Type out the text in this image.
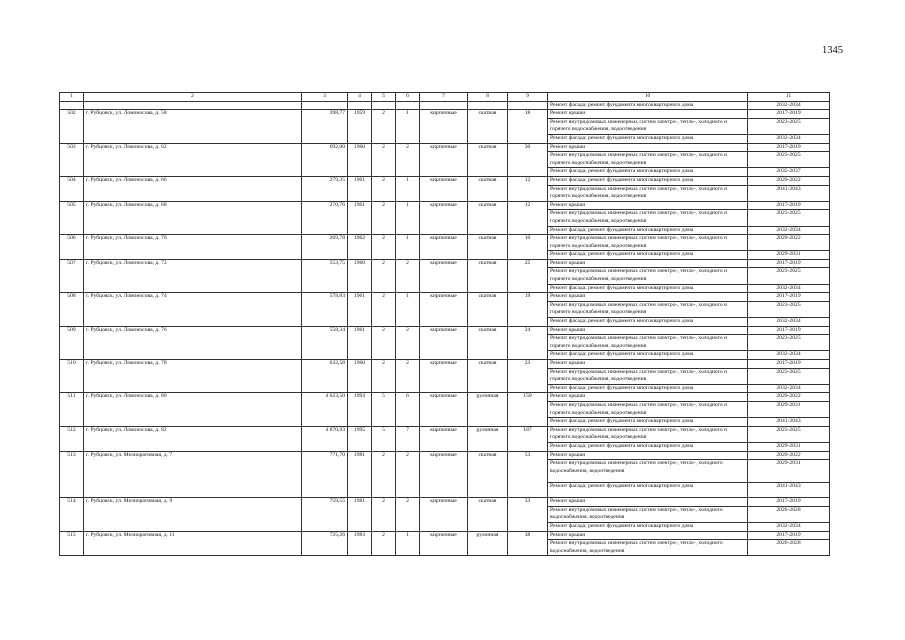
1345
1	2	3	4	5	6	7	8	9	10	11
									Ремонт фасада; ремонт фундамента многоквартирного дома	2032-2034
502	г. Рубцовск, ул. Ломоносова, д. 58	398,77	1959	2	1	кирпичные	скатная	18	Ремонт крыши	2017-2019
									Ремонт внутридомовых инженерных систем электро-, тепло-, холодного и горячего водоснабжения, водоотведения	2023-2025
									Ремонт фасада; ремонт фундамента многоквартирного дома	2032-2034
503	г. Рубцовск, ул. Ломоносова, д. 62	692,00	1960	2	2	кирпичные	скатная	30	Ремонт крыши	2017-2019
									Ремонт внутридомовых инженерных систем электро-, тепло-, холодного и горячего водоснабжения, водоотведения	2023-2025
									Ремонт фасада; ремонт фундамента многоквартирного дома	2035-2037
504	г. Рубцовск, ул. Ломоносова, д. 66	279,35	1961	2	1	кирпичные	скатная	12	Ремонт фасада; ремонт фундамента многоквартирного дома	2020-2022
									Ремонт внутридомовых инженерных систем электро-, тепло-, холодного и горячего водоснабжения, водоотведения	2041-2043
505	г. Рубцовск, ул. Ломоносова, д. 68	270,76	1961	2	1	кирпичные	скатная	12	Ремонт крыши	2017-2019
									Ремонт внутридомовых инженерных систем электро-, тепло-, холодного и горячего водоснабжения, водоотведения	2023-2025
									Ремонт фасада; ремонт фундамента многоквартирного дома	2032-2034
506	г. Рубцовск, ул. Ломоносова, д. 70	269,78	1962	2	1	кирпичные	скатная	10	Ремонт внутридомовых инженерных систем электро-, тепло-, холодного и горячего водоснабжения, водоотведения	2020-2022
									Ремонт фасада; ремонт фундамента многоквартирного дома	2029-2031
507	г. Рубцовск, ул. Ломоносова, д. 72	553,75	1960	2	2	кирпичные	скатная	25	Ремонт крыши	2017-2019
									Ремонт внутридомовых инженерных систем электро-, тепло-, холодного и горячего водоснабжения, водоотведения	2023-2025
									Ремонт фасада; ремонт фундамента многоквартирного дома	2032-2034
508	г. Рубцовск, ул. Ломоносова, д. 74	578,83	1961	2	1	кирпичные	скатная	19	Ремонт крыши	2017-2019
									Ремонт внутридомовых инженерных систем электро-, тепло-, холодного и горячего водоснабжения, водоотведения	2023-2025
									Ремонт фасада; ремонт фундамента многоквартирного дома	2032-2034
509	г. Рубцовск, ул. Ломоносова, д. 76	558,34	1961	2	2	кирпичные	скатная	24	Ремонт крыши	2017-2019
									Ремонт внутридомовых инженерных систем электро-, тепло-, холодного и горячего водоснабжения, водоотведения	2023-2025
									Ремонт фасада; ремонт фундамента многоквартирного дома	2032-2034
510	г. Рубцовск, ул. Ломоносова, д. 78	632,58	1960	2	2	кирпичные	скатная	23	Ремонт крыши	2017-2019
									Ремонт внутридомовых инженерных систем электро-, тепло-, холодного и горячего водоснабжения, водоотведения	2023-2025
									Ремонт фасада; ремонт фундамента многоквартирного дома	2032-2034
511	г. Рубцовск, ул. Ломоносова, д. 80	4 623,50	1994	5	6	кирпичные	рулонная	150	Ремонт крыши	2020-2022
									Ремонт внутридомовых инженерных систем электро-, тепло-, холодного и горячего водоснабжения, водоотведения	2029-2031
									Ремонт фасада; ремонт фундамента многоквартирного дома	2041-2043
512	г. Рубцовск, ул. Ломоносова, д. 82	4 870,93	1995	5	7	кирпичные	рулонная	187	Ремонт внутридомовых инженерных систем электро-, тепло-, холодного и горячего водоснабжения, водоотведения	2023-2025
									Ремонт фасада; ремонт фундамента многоквартирного дома	2029-2031
513	г. Рубцовск, ул. Мелиоративная, д. 7	771,70	1981	2	2	кирпичные	скатная	53	Ремонт крыши	2020-2022
									Ремонт внутридомовых инженерных систем электро-, тепло-, холодного водоснабжения, водоотведения	2029-2031
									Ремонт фасада; ремонт фундамента многоквартирного дома	2041-2043
514	г. Рубцовск, ул. Мелиоративная, д. 9	759,55	1981	2	2	кирпичные	скатная	33	Ремонт крыши	2017-2019
									Ремонт внутридомовых инженерных систем электро-, тепло-, холодного водоснабжения, водоотведения	2026-2028
									Ремонт фасада; ремонт фундамента многоквартирного дома	2032-2034
515	г. Рубцовск, ул. Мелиоративная, д. 11	725,26	1983	2	1	кирпичные	рулонная	38	Ремонт крыши	2017-2019
									Ремонт внутридомовых инженерных систем электро-, тепло-, холодного водоснабжения, водоотведения	2026-2028
